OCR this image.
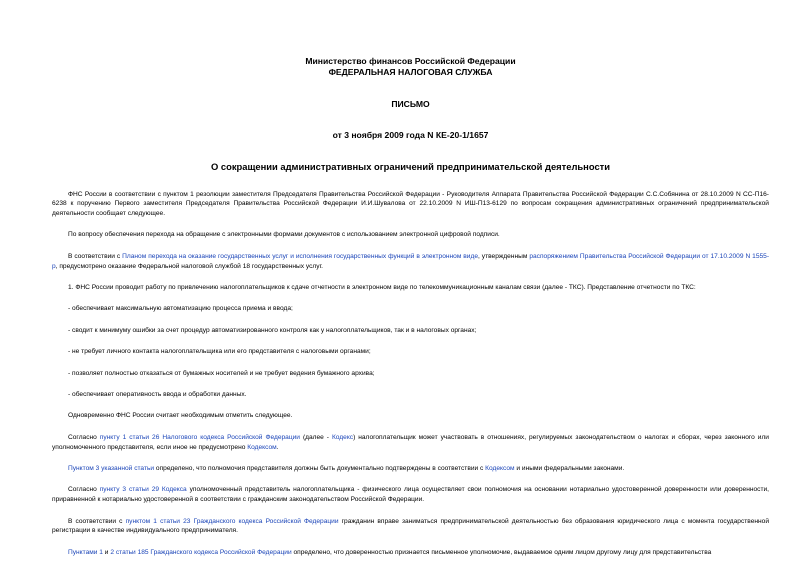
Министерство финансов Российской Федерации
ФЕДЕРАЛЬНАЯ НАЛОГОВАЯ СЛУЖБА
ПИСЬМО
от 3 ноября 2009 года N КЕ-20-1/1657
О сокращении административных ограничений предпринимательской деятельности

ФНС России в соответствии с пунктом 1 резолюции заместителя Председателя Правительства Российской Федерации - Руководителя Аппарата Правительства Российской Федерации С.С.Собянина от 28.10.2009 N СС-П16-6238 к поручению Первого заместителя Председателя Правительства Российской Федерации И.И.Шувалова от 22.10.2009 N ИШ-П13-6129 по вопросам сокращения административных ограничений предпринимательской деятельности сообщает следующее.

По вопросу обеспечения перехода на обращение с электронными формами документов с использованием электронной цифровой подписи.

В соответствии с Планом перехода на оказание государственных услуг и исполнения государственных функций в электронном виде, утвержденным распоряжением Правительства Российской Федерации от 17.10.2009 N 1555-р, предусмотрено оказание Федеральной налоговой службой 18 государственных услуг.

1. ФНС России проводит работу по привлечению налогоплательщиков к сдаче отчетности в электронном виде по телекоммуникационным каналам связи (далее - ТКС). Представление отчетности по ТКС:

- обеспечивает максимальную автоматизацию процесса приема и ввода;

- сводит к минимуму ошибки за счет процедур автоматизированного контроля как у налогоплательщиков, так и в налоговых органах;

- не требует личного контакта налогоплательщика или его представителя с налоговыми органами;

- позволяет полностью отказаться от бумажных носителей и не требует ведения бумажного архива;

- обеспечивает оперативность ввода и обработки данных.

Одновременно ФНС России считает необходимым отметить следующее.

Согласно пункту 1 статьи 26 Налогового кодекса Российской Федерации (далее - Кодекс) налогоплательщик может участвовать в отношениях, регулируемых законодательством о налогах и сборах, через законного или уполномоченного представителя, если иное не предусмотрено Кодексом.

Пунктом 3 указанной статьи определено, что полномочия представителя должны быть документально подтверждены в соответствии с Кодексом и иными федеральными законами.

Согласно пункту 3 статьи 29 Кодекса уполномоченный представитель налогоплательщика - физического лица осуществляет свои полномочия на основании нотариально удостоверенной доверенности или доверенности, приравненной к нотариально удостоверенной в соответствии с гражданским законодательством Российской Федерации.

В соответствии с пунктом 1 статьи 23 Гражданского кодекса Российской Федерации гражданин вправе заниматься предпринимательской деятельностью без образования юридического лица с момента государственной регистрации в качестве индивидуального предпринимателя.

Пунктами 1 и 2 статьи 185 Гражданского кодекса Российской Федерации определено, что доверенностью признается письменное уполномочие, выдаваемое одним лицом другому лицу для представительства
